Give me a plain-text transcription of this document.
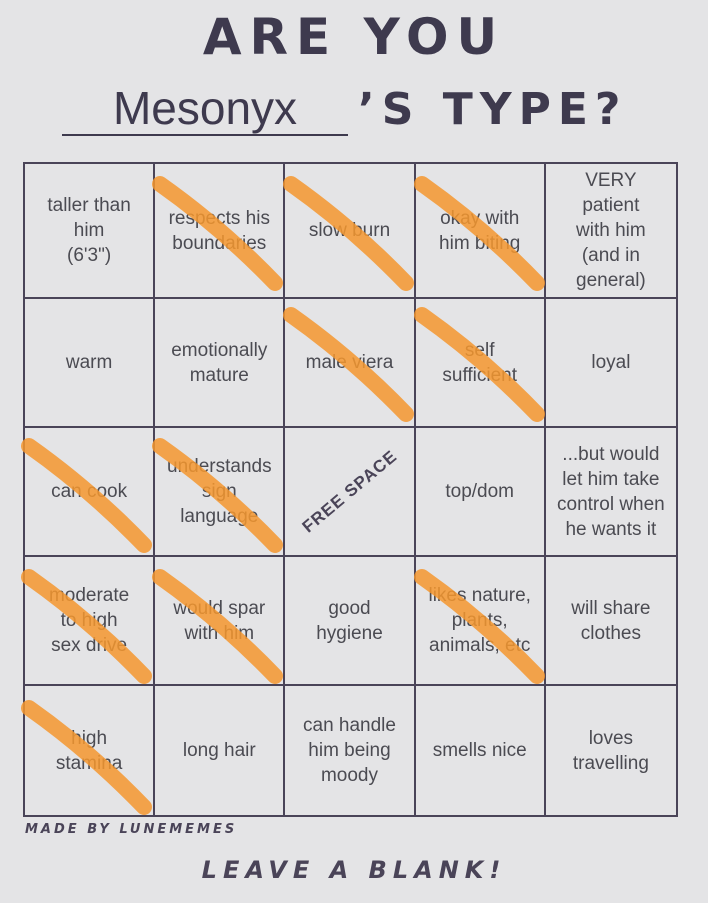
ARE YOU
Mesonyx	’S TYPE?
taller than
him
(6'3")
respects his
boundaries
slow burn
okay with
him biting
VERY
patient
with him
(and in
general)
warm
emotionally
mature
male viera
self
sufficient
loyal
can cook
understands
sign
language	FREE SPACE top/dom
...but would
let him take
control when
he wants it
moderate
to high
sex drive
would spar
with him
good
hygiene
likes nature,
plants,
animals, etc
will share
clothes
high
stamina
long hair
can handle
him being
moody
smells nice
loves
travelling
MADE BY LUNEMEMES
LEAVE A BLANK!
